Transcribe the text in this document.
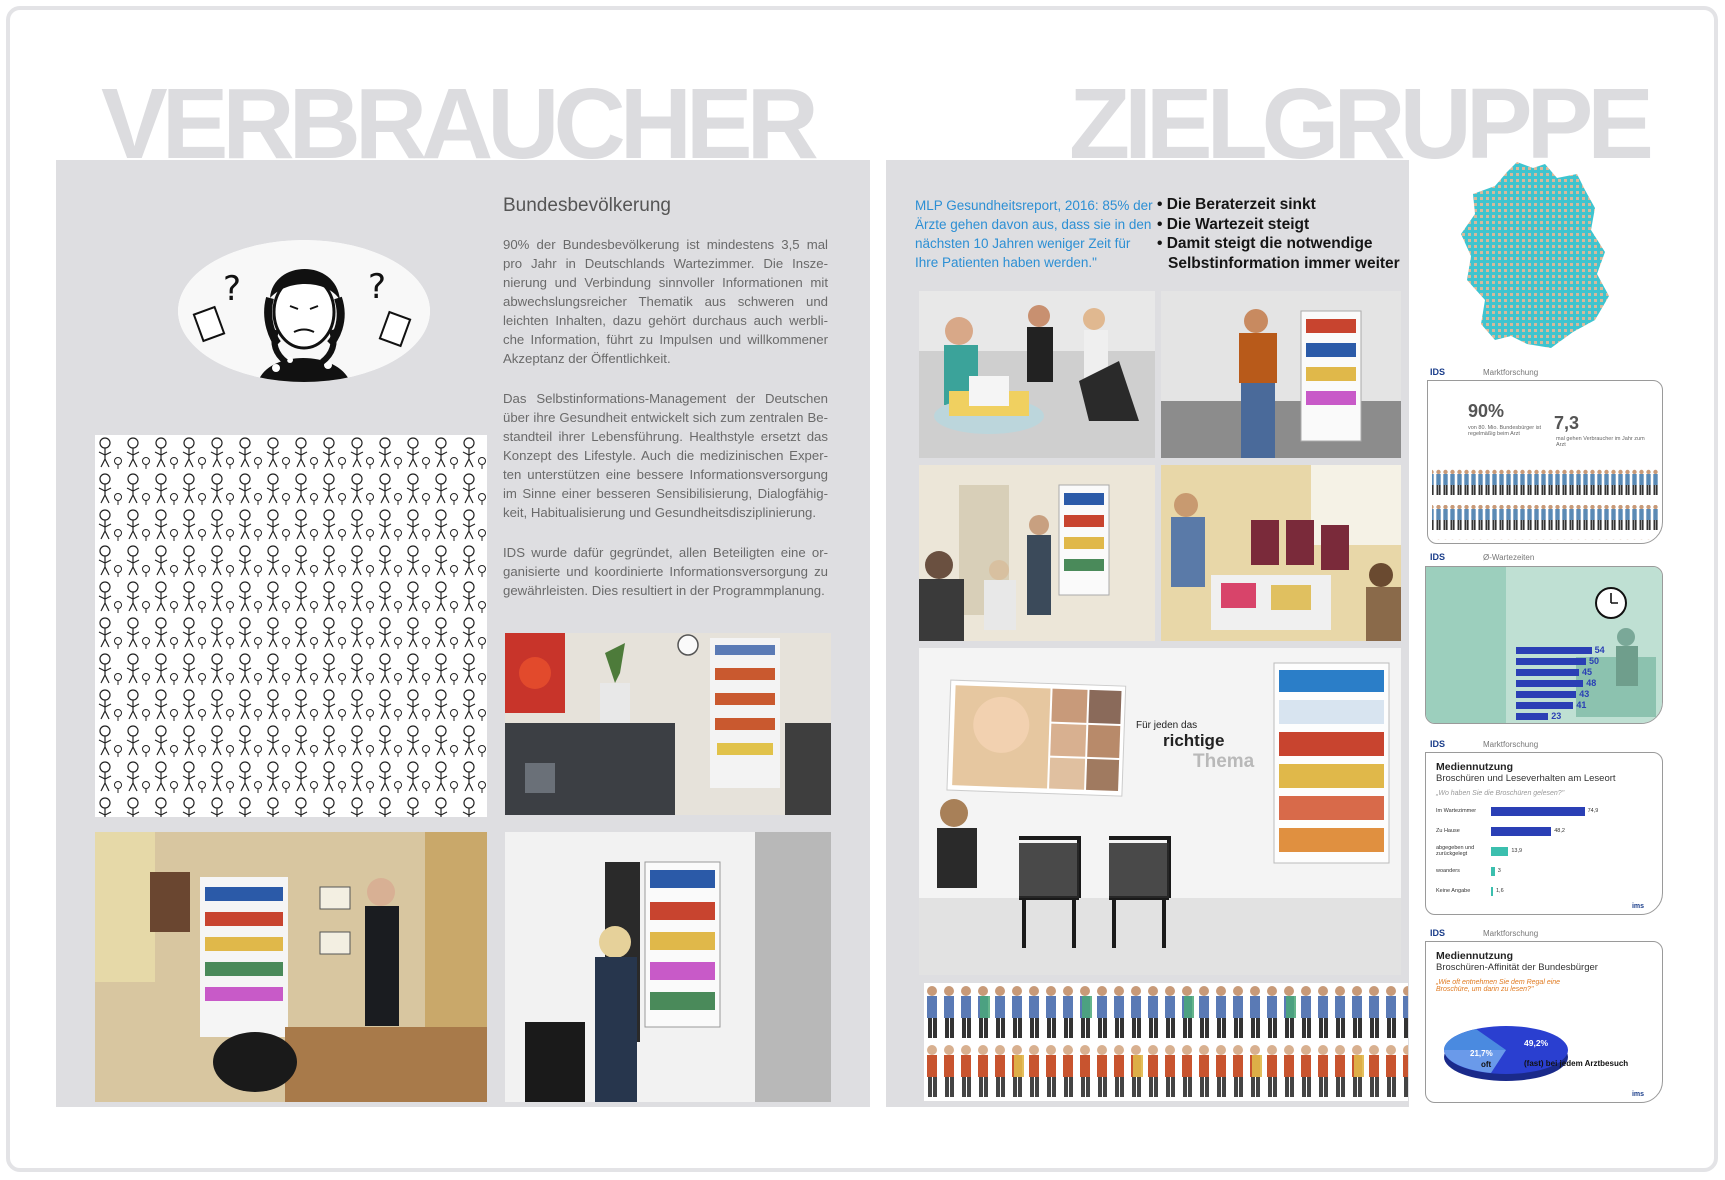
VERBRAUCHER	ZIELGRUPPE
?	?
Bundesbevölkerung

90% der Bundesbevölkerung ist mindestens 3,5 mal pro Jahr in Deutschlands Wartezimmer. Die Insze-nierung und Verbindung sinnvoller Informationen mit abwechslungsreicher Thematik aus schweren und leichten Inhalten, dazu gehört durchaus auch werbli-che Information, führt zu Impulsen und willkommener Akzeptanz der Öffentlichkeit.

Das Selbstinformations-Management der Deutschen über ihre Gesundheit entwickelt sich zum zentralen Be-standteil ihrer Lebensführung. Healthstyle ersetzt das Konzept des Lifestyle. Auch die medizinischen Exper-ten unterstützen eine bessere Informationsversorgung im Sinne einer besseren Sensibilisierung, Dialogfähig-keit, Habitualisierung und Gesundheitsdisziplinierung.

IDS wurde dafür gegründet, allen Beteiligten eine or-ganisierte und koordinierte Informationsversorgung zu gewährleisten. Dies resultiert in der Programmplanung.

MLP Gesundheitsreport, 2016: 85% der Ärzte gehen davon aus, dass sie in den nächsten 10 Jahren weniger Zeit für Ihre Patienten haben werden."

• Die Beraterzeit sinkt
• Die Wartezeit steigt
• Damit steigt die notwendige Selbstinformation immer weiter
Für jeden das
richtige
Thema
IDS	Marktforschung
90%
von 80. Mio. Bundesbürger ist regelmäßig beim Arzt
7,3
mal gehen Verbraucher im Jahr zum Arzt
IDS	Ø-Wartezeiten
54
50
45
48
43
41
23
IDS	Marktforschung
Mediennutzung
Broschüren und Leseverhalten am Leseort
„Wo haben Sie die Broschüren gelesen?"
Im Wartezimmer	74,9
Zu Hause	48,2
abgegeben und zurückgelegt	13,9
woanders	3
Keine Angabe	1,6
ims
IDS	Marktforschung
Mediennutzung
Broschüren-Affinität der Bundesbürger
„Wie oft entnehmen Sie dem Regal eine Broschüre, um darin zu lesen?"
21,7%
oft
49,2%
(fast) bei jedem Arztbesuch
ims
